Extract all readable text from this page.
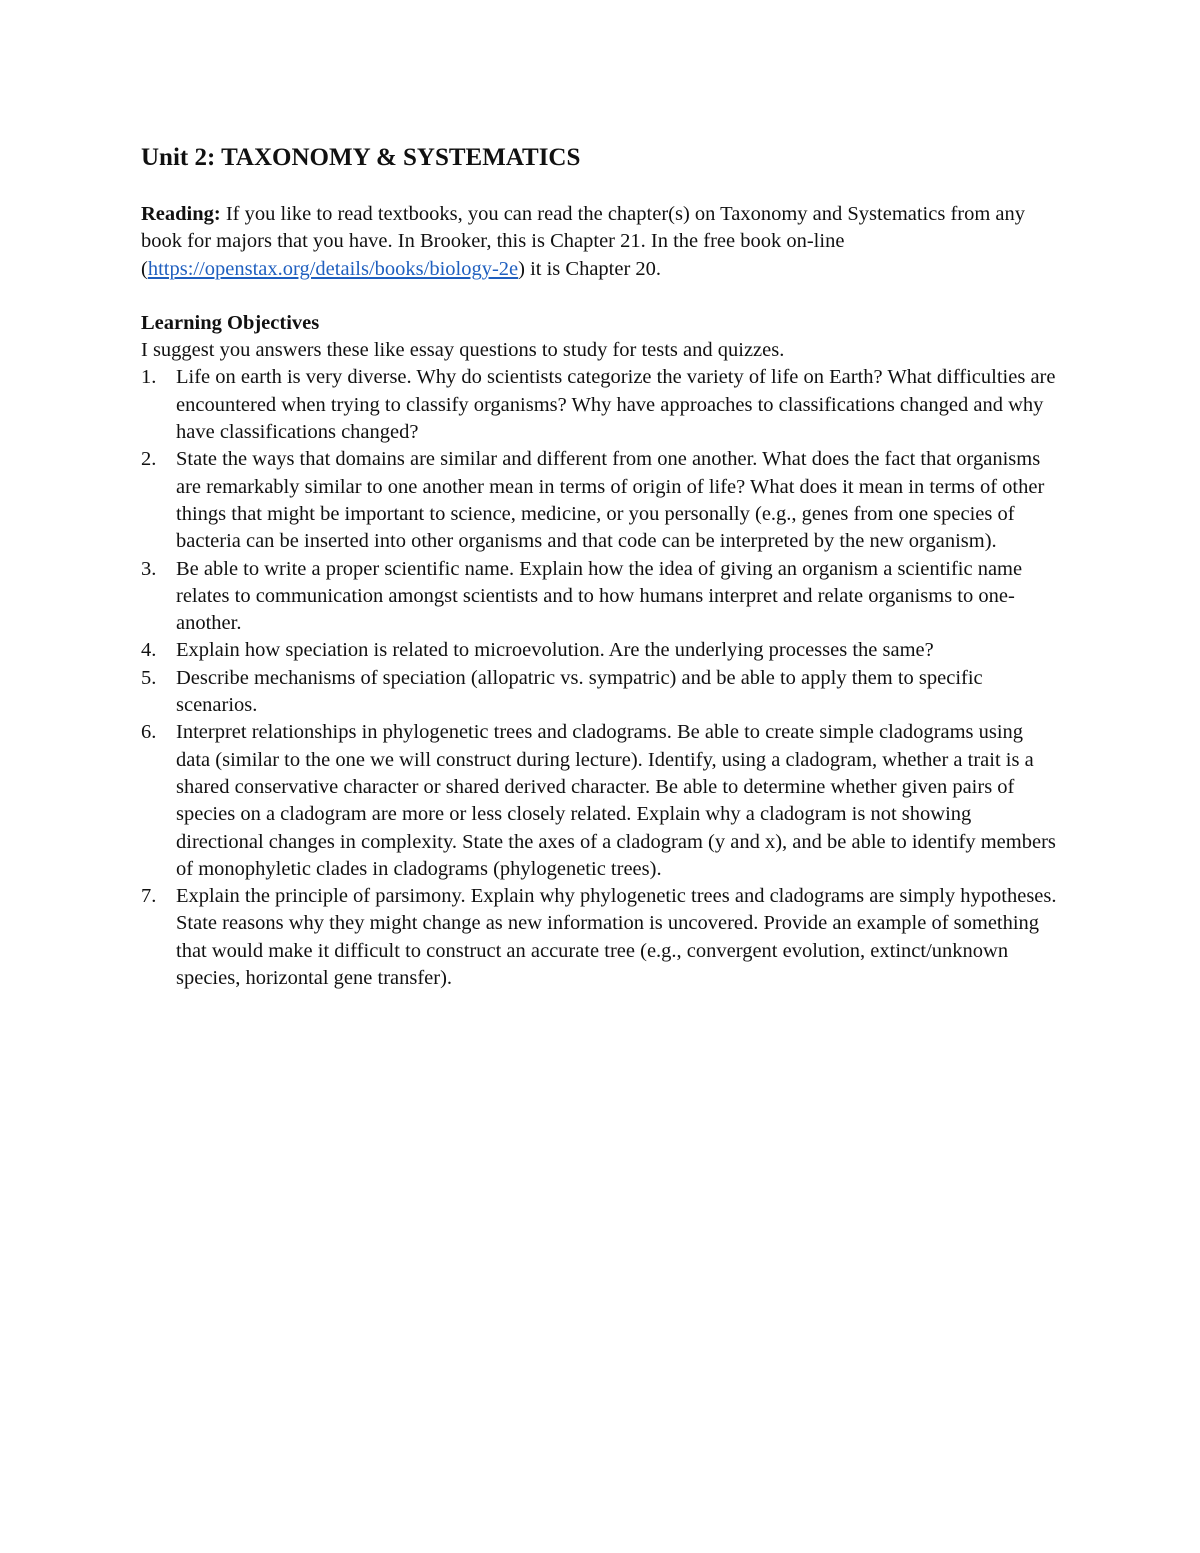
Unit 2: TAXONOMY & SYSTEMATICS
Reading: If you like to read textbooks, you can read the chapter(s) on Taxonomy and Systematics from any book for majors that you have. In Brooker, this is Chapter 21. In the free book on-line (https://openstax.org/details/books/biology-2e) it is Chapter 20.
Learning Objectives
I suggest you answers these like essay questions to study for tests and quizzes.
1. Life on earth is very diverse. Why do scientists categorize the variety of life on Earth? What difficulties are encountered when trying to classify organisms? Why have approaches to classifications changed and why have classifications changed?
2. State the ways that domains are similar and different from one another. What does the fact that organisms are remarkably similar to one another mean in terms of origin of life? What does it mean in terms of other things that might be important to science, medicine, or you personally (e.g., genes from one species of bacteria can be inserted into other organisms and that code can be interpreted by the new organism).
3. Be able to write a proper scientific name. Explain how the idea of giving an organism a scientific name relates to communication amongst scientists and to how humans interpret and relate organisms to one-another.
4. Explain how speciation is related to microevolution. Are the underlying processes the same?
5. Describe mechanisms of speciation (allopatric vs. sympatric) and be able to apply them to specific scenarios.
6. Interpret relationships in phylogenetic trees and cladograms. Be able to create simple cladograms using data (similar to the one we will construct during lecture). Identify, using a cladogram, whether a trait is a shared conservative character or shared derived character. Be able to determine whether given pairs of species on a cladogram are more or less closely related. Explain why a cladogram is not showing directional changes in complexity. State the axes of a cladogram (y and x), and be able to identify members of monophyletic clades in cladograms (phylogenetic trees).
7. Explain the principle of parsimony. Explain why phylogenetic trees and cladograms are simply hypotheses. State reasons why they might change as new information is uncovered. Provide an example of something that would make it difficult to construct an accurate tree (e.g., convergent evolution, extinct/unknown species, horizontal gene transfer).
